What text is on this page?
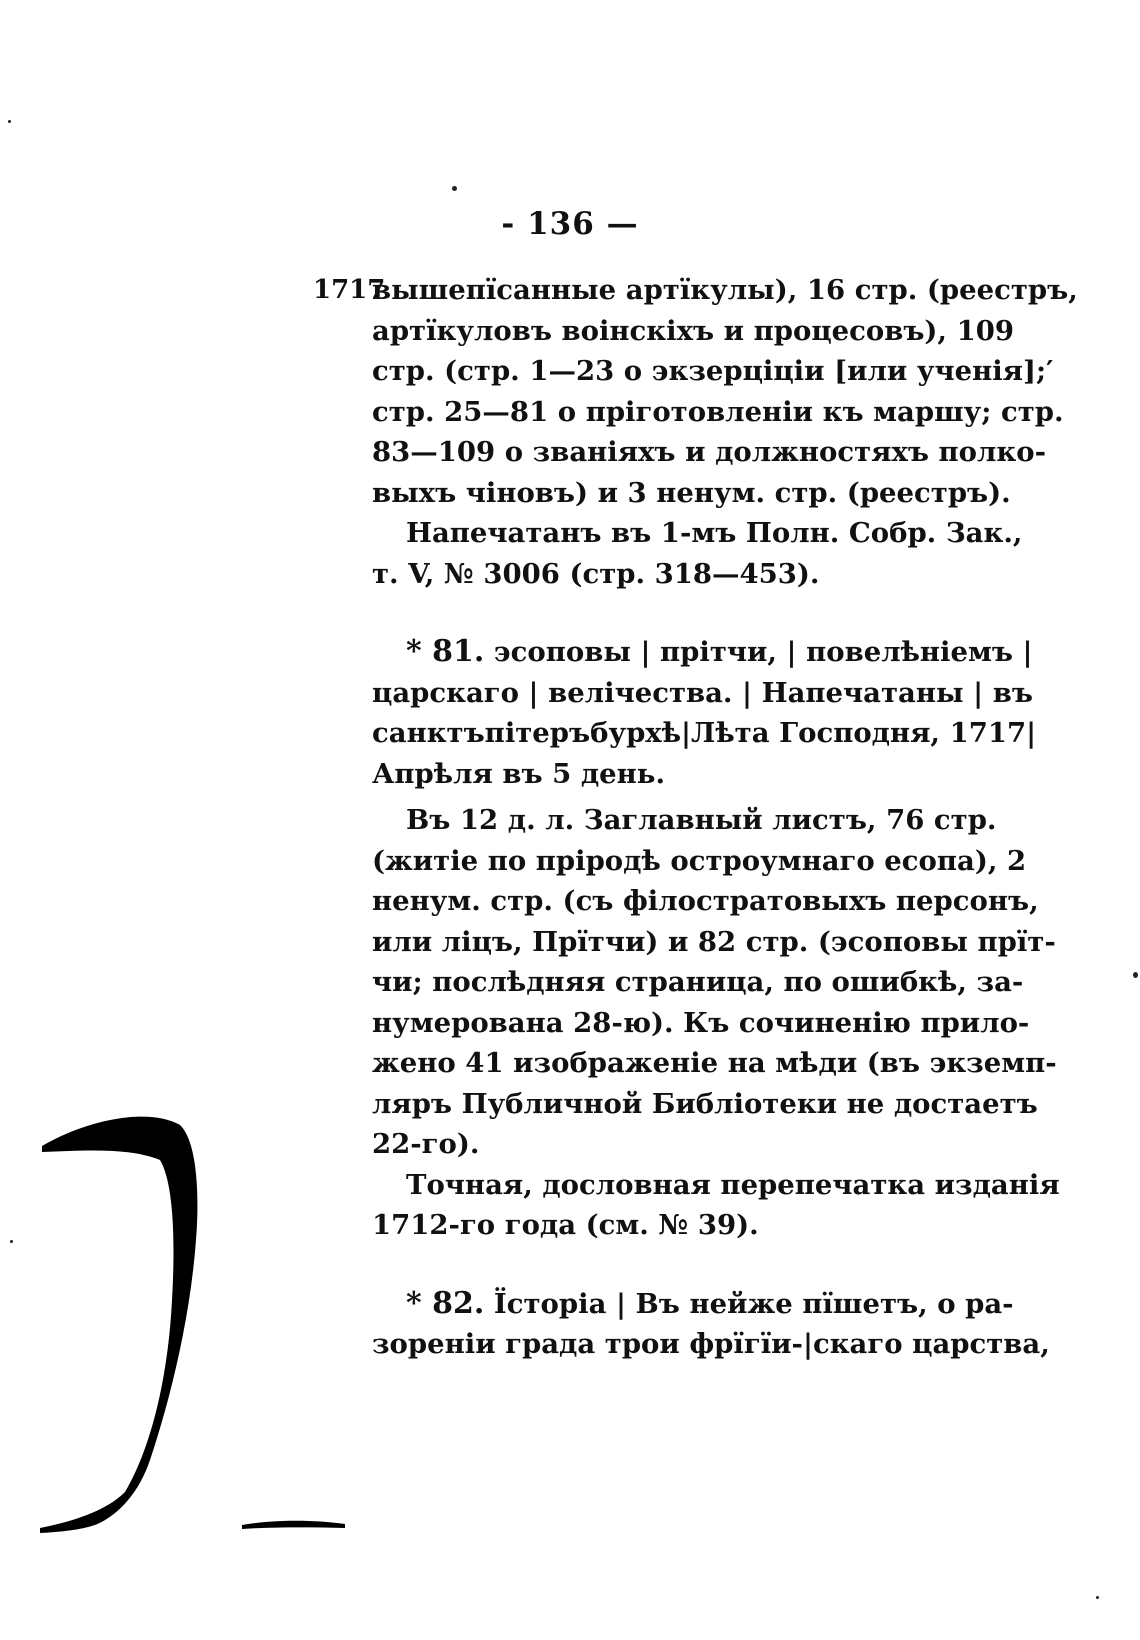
- 136 —
1717
вышепїсанные артїкулы), 16 стр. (реестръ,
артїкуловъ воінскіхъ и процесовъ), 109
стр. (стр. 1—23 о экзерціціи [или ученія];′
стр. 25—81 о пріготовленіи къ маршу; стр.
83—109 о званіяхъ и должностяхъ полко-
выхъ чіновъ) и 3 ненум. стр. (реестръ).
Напечатанъ въ 1-мъ Полн. Собр. Зак.,
т. V, № 3006 (стр. 318—453).
* 81. эсоповы | прітчи, | повелѣніемъ |
царскаго | велічества. | Напечатаны | въ
санктъпітеръбурхѣ|Лѣта Господня, 1717|
Апрѣля въ 5 день.
Въ 12 д. л. Заглавный листъ, 76 стр.
(житіе по пріродѣ остроумнаго есопа), 2
ненум. стр. (съ філостратовыхъ персонъ,
или ліцъ, Прїтчи) и 82 стр. (эсоповы прїт-
чи; послѣдняя страница, по ошибкѣ, за-
нумерована 28-ю). Къ сочиненію прило-
жено 41 изображеніе на мѣди (въ экземп-
ляръ Публичной Библіотеки не достаетъ
22-го).
Точная, дословная перепечатка изданія
1712-го года (см. № 39).
* 82. Їсторіа | Въ нейже пїшетъ, о ра-
зореніи града трои фрїгїи-|скаго царства,
